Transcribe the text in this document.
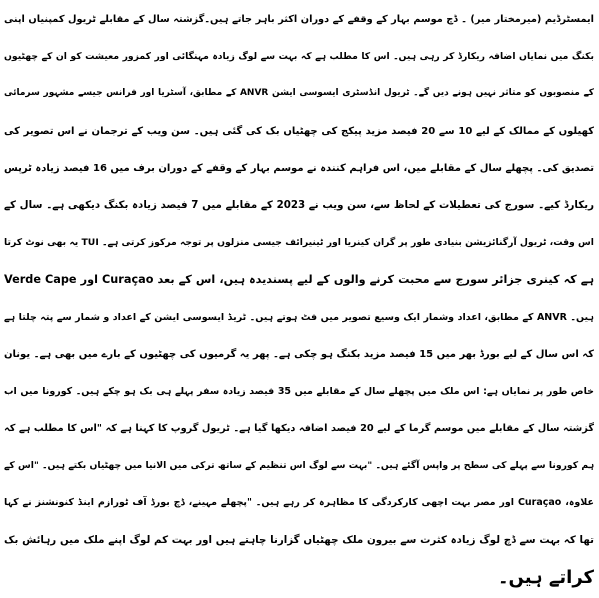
ایمسٹرڈیم (میرمختار میر) ۔ ڈچ موسم بہار کے وقفے کے دوران اکثر باہر جاتے ہیں۔گزشتہ سال کے مقابلے ٹریول کمپنیاں اپنی
بکنگ میں نمایاں اضافہ ریکارڈ کر رہی ہیں۔ اس کا مطلب ہے کہ بہت سے لوگ زیادہ مہنگائی اور کمزور معیشت کو ان کے چھٹیوں
کے منصوبوں کو متاثر نہیں ہونے دیں گے۔ ٹریول انڈسٹری ایسوسی ایشن ANVR کے مطابق، آسٹریا اور فرانس جیسے مشہور سرمائی
کھیلوں کے ممالک کے لیے 10 سے 20 فیصد مزید پیکج کی چھٹیاں بک کی گئی ہیں۔ سن ویب کے ترجمان نے اس تصویر کی
تصدیق کی۔ پچھلے سال کے مقابلے میں، اس فراہم کنندہ نے موسم بہار کے وقفے کے دوران برف میں 16 فیصد زیادہ ٹرپس
ریکارڈ کیے۔ سورج کی تعطیلات کے لحاظ سے، سن ویب نے 2023 کے مقابلے میں 7 فیصد زیادہ بکنگ دیکھی ہے۔ سال کے
اس وقت، ٹریول آرگنائزیشن بنیادی طور پر گران کینریا اور ٹینیرائف جیسی منزلوں پر توجہ مرکوز کرتی ہے۔ TUI یہ بھی نوٹ کرتا
ہے کہ کینری جزائر سورج سے محبت کرنے والوں کے لیے پسندیدہ ہیں، اس کے بعد Curaçao اور Verde Cape
ہیں۔ ANVR کے مطابق، اعداد وشمار ایک وسیع تصویر میں فٹ ہوتے ہیں۔ ٹریڈ ایسوسی ایشن کے اعداد و شمار سے پتہ چلتا ہے
کہ اس سال کے لیے بورڈ بھر میں 15 فیصد مزید بکنگ ہو چکی ہے۔ پھر یہ گرمیوں کی چھٹیوں کے بارے میں بھی ہے۔ یونان
خاص طور پر نمایاں ہے: اس ملک میں پچھلے سال کے مقابلے میں 35 فیصد زیادہ سفر پہلے ہی بک ہو چکے ہیں۔ کورونا میں اب
گزشتہ سال کے مقابلے میں موسم گرما کے لیے 20 فیصد اضافہ دیکھا گیا ہے۔ ٹریول گروپ کا کہنا ہے کہ "اس کا مطلب ہے کہ
ہم کورونا سے پہلے کی سطح پر واپس آگئے ہیں۔ "بہت سے لوگ اس تنظیم کے ساتھ ترکی میں الانیا میں چھٹیاں بکتے ہیں۔ "اس کے
علاوہ، Curaçao اور مصر بہت اچھی کارکردگی کا مظاہرہ کر رہے ہیں۔ "پچھلے مہینے، ڈچ بورڈ آف ٹورازم اینڈ کنونشنز نے کہا
تھا کہ بہت سے ڈچ لوگ زیادہ کثرت سے بیرون ملک چھٹیاں گزارنا چاہتے ہیں اور بہت کم لوگ اپنے ملک میں رہائش بک
کراتے ہیں۔
